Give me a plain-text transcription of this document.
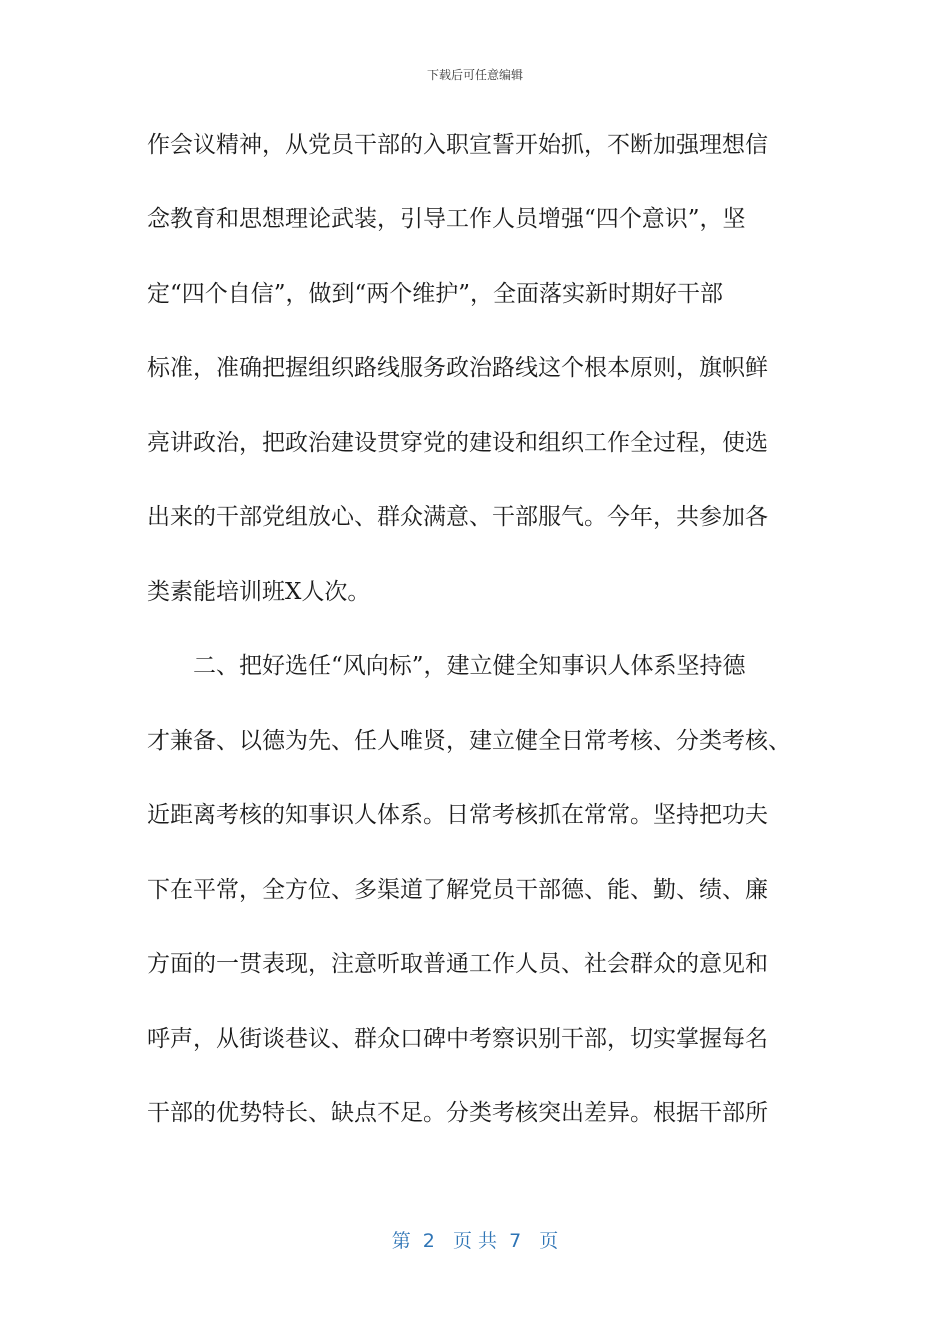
下载后可任意编辑
作会议精神，从党员干部的入职宣誓开始抓，不断加强理想信
念教育和思想理论武装，引导工作人员增强“四个意识”，坚
定“四个自信”，做到“两个维护”，全面落实新时期好干部
标准，准确把握组织路线服务政治路线这个根本原则，旗帜鲜
亮讲政治，把政治建设贯穿党的建设和组织工作全过程，使选
出来的干部党组放心、群众满意、干部服气。今年，共参加各
类素能培训班X人次。
　　二、把好选任“风向标”，建立健全知事识人体系坚持德
才兼备、以德为先、任人唯贤，建立健全日常考核、分类考核、
近距离考核的知事识人体系。日常考核抓在常常。坚持把功夫
下在平常，全方位、多渠道了解党员干部德、能、勤、绩、廉
方面的一贯表现，注意听取普通工作人员、社会群众的意见和
呼声，从街谈巷议、群众口碑中考察识别干部，切实掌握每名
干部的优势特长、缺点不足。分类考核突出差异。根据干部所
第  2   页 共  7   页
